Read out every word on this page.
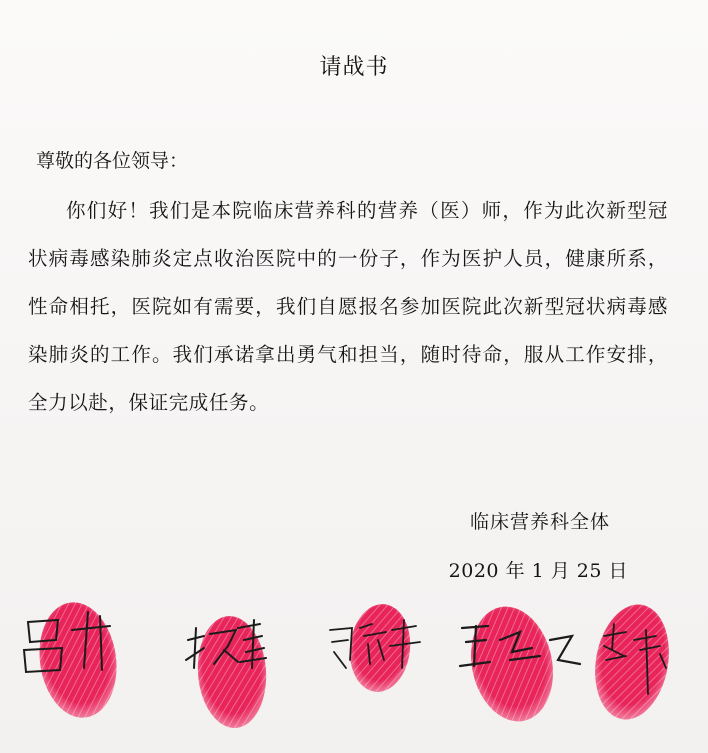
请战书
尊敬的各位领导：
你们好！我们是本院临床营养科的营养（医）师，作为此次新型冠状病毒感染肺炎定点收治医院中的一份子，作为医护人员，健康所系，性命相托，医院如有需要，我们自愿报名参加医院此次新型冠状病毒感染肺炎的工作。我们承诺拿出勇气和担当，随时待命，服从工作安排，全力以赴，保证完成任务。
临床营养科全体
2020 年 1 月 25 日
